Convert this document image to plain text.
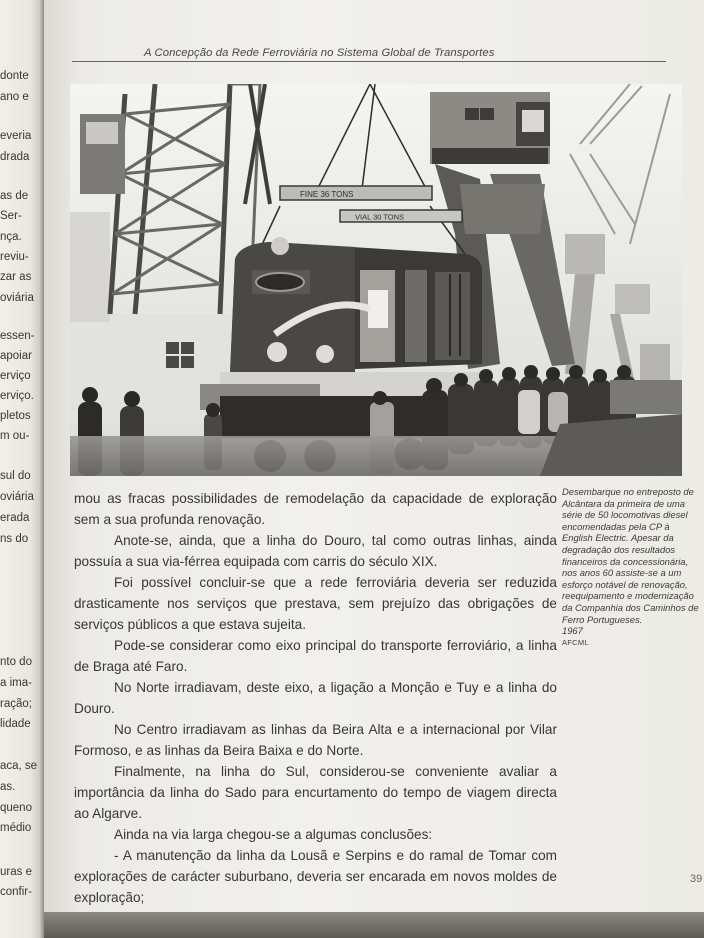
donte
ano e
everia
drada
as de
Ser-
nça.
reviu-
zar as
oviária
essen-
apoiar
erviço
erviço.
pletos
m ou-
sul do
oviária
erada
ns do
nto do
a ima-
ração;
lidade
aca, se
as.
queno
médio
uras e
confir-
A Concepção da Rede Ferroviária no Sistema Global de Transportes
FINE 36 TONS
VIAL 30 TONS

mou as fracas possibilidades de remodelação da capacidade de exploração sem a sua profunda renovação.

Anote-se, ainda, que a linha do Douro, tal como outras linhas, ainda possuía a sua via-férrea equipada com carris do século XIX.

Foi possível concluir-se que a rede ferroviária deveria ser reduzida drasticamente nos serviços que prestava, sem prejuízo das obrigações de serviços públicos a que estava sujeita.

Pode-se considerar como eixo principal do transporte ferroviário, a linha de Braga até Faro.

No Norte irradiavam, deste eixo, a ligação a Monção e Tuy e a linha do Douro.

No Centro irradiavam as linhas da Beira Alta e a internacional por Vilar Formoso, e as linhas da Beira Baixa e do Norte.

Finalmente, na linha do Sul, considerou-se conveniente avaliar a importância da linha do Sado para encurtamento do tempo de viagem directa ao Algarve.

Ainda na via larga chegou-se a algumas conclusões:

- A manutenção da linha da Lousã e Serpins e do ramal de Tomar com explorações de carácter suburbano, deveria ser encarada em novos moldes de exploração;

Desembarque no entreposto de Alcântara da primeira de uma série de 50 locomotivas diesel encomendadas pela CP à English Electric. Apesar da degradação dos resultados financeiros da concessionária, nos anos 60 assiste-se a um esforço notável de renovação, reequipamento e modernização da Companhia dos Caminhos de Ferro Portugueses.
1967
AFCML
39
